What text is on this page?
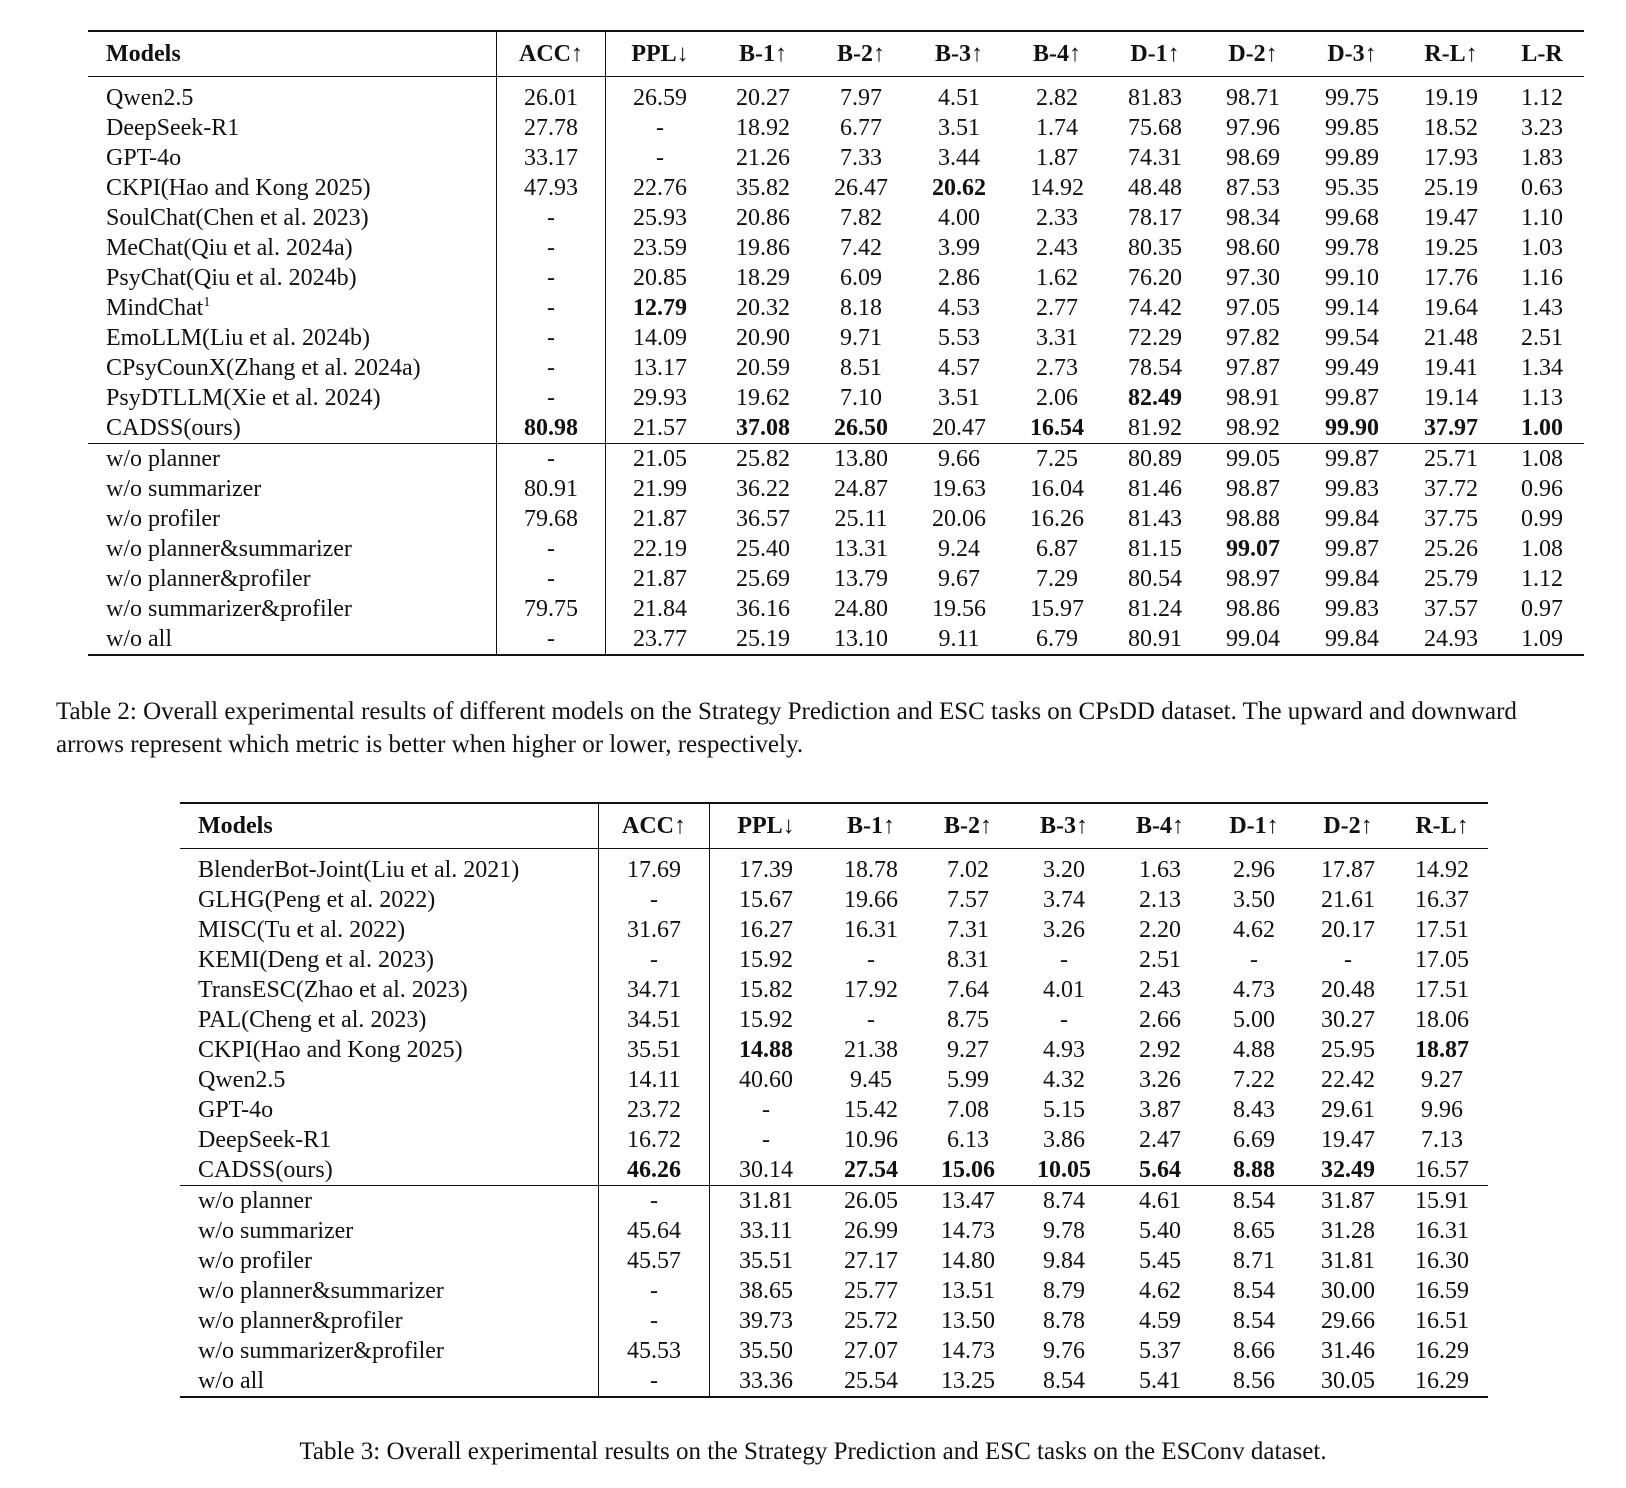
Models	ACC↑	PPL↓	B-1↑	B-2↑	B-3↑	B-4↑	D-1↑	D-2↑	D-3↑	R-L↑	L-R
Qwen2.5	26.01	26.59	20.27	7.97	4.51	2.82	81.83	98.71	99.75	19.19	1.12
DeepSeek-R1	27.78	-	18.92	6.77	3.51	1.74	75.68	97.96	99.85	18.52	3.23
GPT-4o	33.17	-	21.26	7.33	3.44	1.87	74.31	98.69	99.89	17.93	1.83
CKPI(Hao and Kong 2025)	47.93	22.76	35.82	26.47	20.62	14.92	48.48	87.53	95.35	25.19	0.63
SoulChat(Chen et al. 2023)	-	25.93	20.86	7.82	4.00	2.33	78.17	98.34	99.68	19.47	1.10
MeChat(Qiu et al. 2024a)	-	23.59	19.86	7.42	3.99	2.43	80.35	98.60	99.78	19.25	1.03
PsyChat(Qiu et al. 2024b)	-	20.85	18.29	6.09	2.86	1.62	76.20	97.30	99.10	17.76	1.16
MindChat$^1$	-	12.79	20.32	8.18	4.53	2.77	74.42	97.05	99.14	19.64	1.43
EmoLLM(Liu et al. 2024b)	-	14.09	20.90	9.71	5.53	3.31	72.29	97.82	99.54	21.48	2.51
CPsyCounX(Zhang et al. 2024a)	-	13.17	20.59	8.51	4.57	2.73	78.54	97.87	99.49	19.41	1.34
PsyDTLLM(Xie et al. 2024)	-	29.93	19.62	7.10	3.51	2.06	82.49	98.91	99.87	19.14	1.13
CADSS(ours)	80.98	21.57	37.08	26.50	20.47	16.54	81.92	98.92	99.90	37.97	1.00
w/o planner	-	21.05	25.82	13.80	9.66	7.25	80.89	99.05	99.87	25.71	1.08
w/o summarizer	80.91	21.99	36.22	24.87	19.63	16.04	81.46	98.87	99.83	37.72	0.96
w/o profiler	79.68	21.87	36.57	25.11	20.06	16.26	81.43	98.88	99.84	37.75	0.99
w/o planner&summarizer	-	22.19	25.40	13.31	9.24	6.87	81.15	99.07	99.87	25.26	1.08
w/o planner&profiler	-	21.87	25.69	13.79	9.67	7.29	80.54	98.97	99.84	25.79	1.12
w/o summarizer&profiler	79.75	21.84	36.16	24.80	19.56	15.97	81.24	98.86	99.83	37.57	0.97
w/o all	-	23.77	25.19	13.10	9.11	6.79	80.91	99.04	99.84	24.93	1.09
Table 2: Overall experimental results of different models on the Strategy Prediction and ESC tasks on CPsDD dataset. The upward and downward arrows represent which metric is better when higher or lower, respectively.
Models	ACC↑	PPL↓	B-1↑	B-2↑	B-3↑	B-4↑	D-1↑	D-2↑	R-L↑
BlenderBot-Joint(Liu et al. 2021)	17.69	17.39	18.78	7.02	3.20	1.63	2.96	17.87	14.92
GLHG(Peng et al. 2022)	-	15.67	19.66	7.57	3.74	2.13	3.50	21.61	16.37
MISC(Tu et al. 2022)	31.67	16.27	16.31	7.31	3.26	2.20	4.62	20.17	17.51
KEMI(Deng et al. 2023)	-	15.92	-	8.31	-	2.51	-	-	17.05
TransESC(Zhao et al. 2023)	34.71	15.82	17.92	7.64	4.01	2.43	4.73	20.48	17.51
PAL(Cheng et al. 2023)	34.51	15.92	-	8.75	-	2.66	5.00	30.27	18.06
CKPI(Hao and Kong 2025)	35.51	14.88	21.38	9.27	4.93	2.92	4.88	25.95	18.87
Qwen2.5	14.11	40.60	9.45	5.99	4.32	3.26	7.22	22.42	9.27
GPT-4o	23.72	-	15.42	7.08	5.15	3.87	8.43	29.61	9.96
DeepSeek-R1	16.72	-	10.96	6.13	3.86	2.47	6.69	19.47	7.13
CADSS(ours)	46.26	30.14	27.54	15.06	10.05	5.64	8.88	32.49	16.57
w/o planner	-	31.81	26.05	13.47	8.74	4.61	8.54	31.87	15.91
w/o summarizer	45.64	33.11	26.99	14.73	9.78	5.40	8.65	31.28	16.31
w/o profiler	45.57	35.51	27.17	14.80	9.84	5.45	8.71	31.81	16.30
w/o planner&summarizer	-	38.65	25.77	13.51	8.79	4.62	8.54	30.00	16.59
w/o planner&profiler	-	39.73	25.72	13.50	8.78	4.59	8.54	29.66	16.51
w/o summarizer&profiler	45.53	35.50	27.07	14.73	9.76	5.37	8.66	31.46	16.29
w/o all	-	33.36	25.54	13.25	8.54	5.41	8.56	30.05	16.29
Table 3: Overall experimental results on the Strategy Prediction and ESC tasks on the ESConv dataset.
